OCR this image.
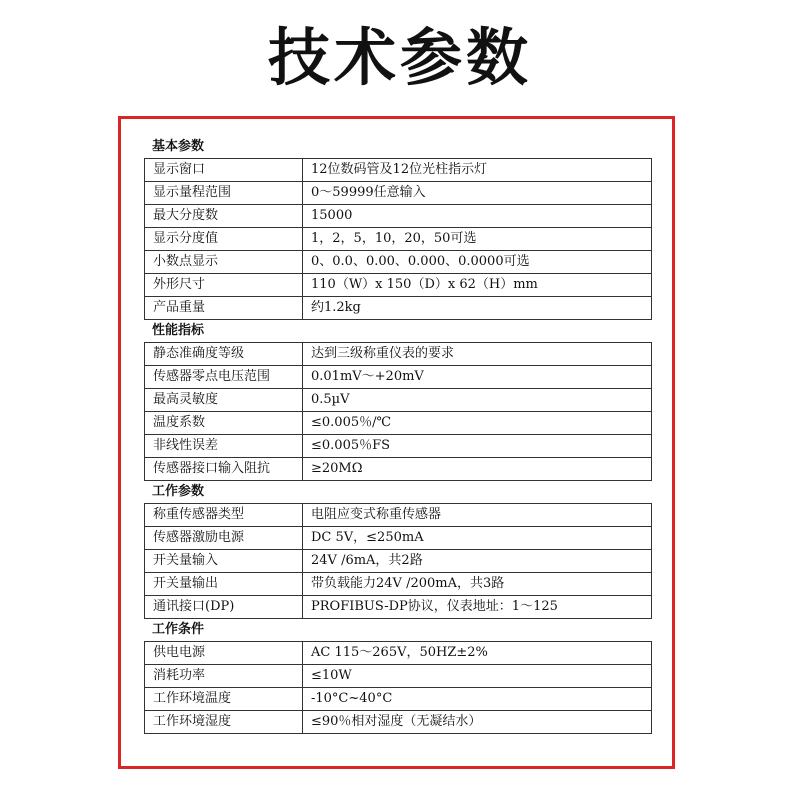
技术参数
基本参数
显示窗口	12位数码管及12位光柱指示灯
显示量程范围	0～59999任意输入
最大分度数	15000
显示分度值	1，2，5，10，20，50可选
小数点显示	0、0.0、0.00、0.000、0.0000可选
外形尺寸	110（W）x 150（D）x 62（H）mm
产品重量	约1.2kg
性能指标
静态准确度等级	达到三级称重仪表的要求
传感器零点电压范围	0.01mV～+20mV
最高灵敏度	0.5µV
温度系数	≤0.005％/℃
非线性误差	≤0.005％FS
传感器接口输入阻抗	≥20MΩ
工作参数
称重传感器类型	电阻应变式称重传感器
传感器激励电源	DC 5V，≤250mA
开关量输入	24V /6mA，共2路
开关量输出	带负载能力24V /200mA，共3路
通讯接口(DP)	PROFIBUS-DP协议，仪表地址：1～125
工作条件
供电电源	AC 115～265V，50HZ±2%
消耗功率	≤10W
工作环境温度	-10°C~40°C
工作环境湿度	≤90％相对湿度（无凝结水）
